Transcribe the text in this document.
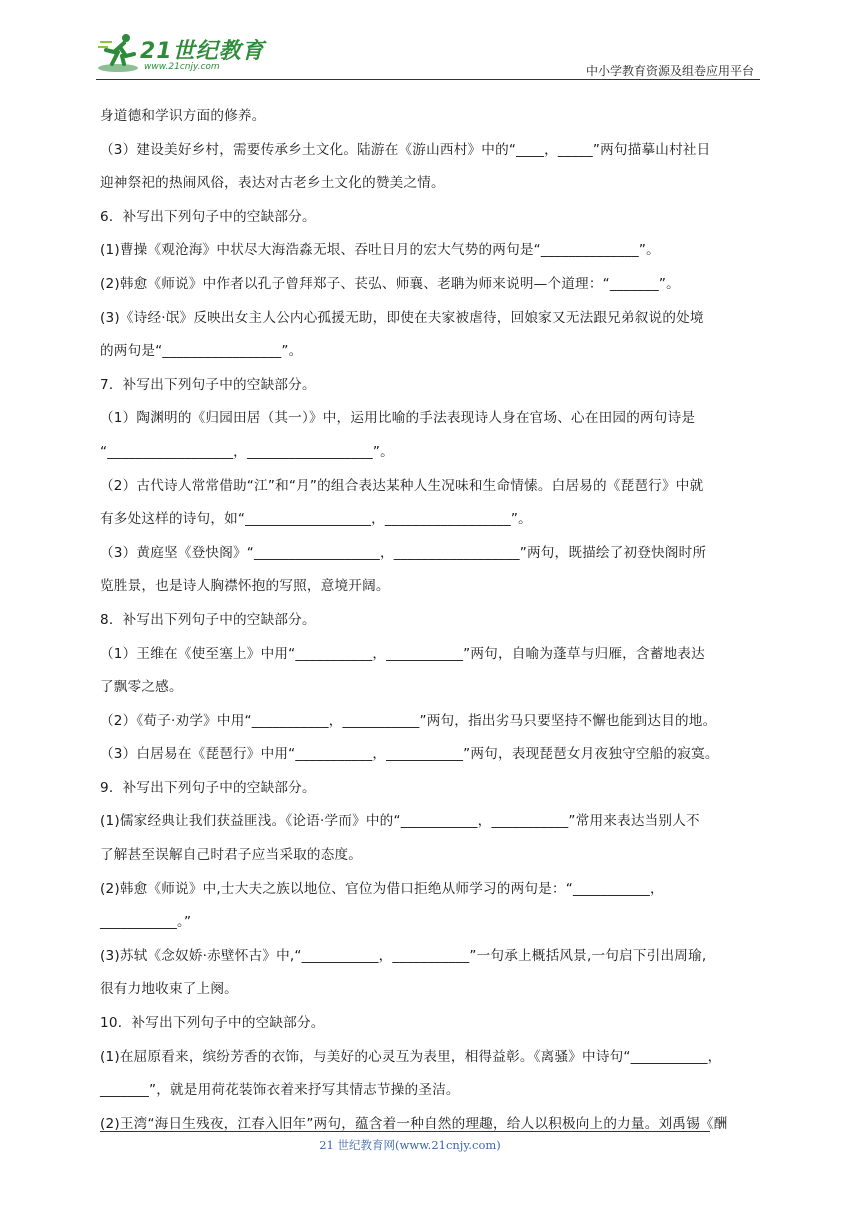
21世纪教育
www.21cnjy.com	中小学教育资源及组卷应用平台
身道德和学识方面的修养。
（3）建设美好乡村，需要传承乡土文化。陆游在《游山西村》中的“____，_____”两句描摹山村社日
迎神祭祀的热闹风俗，表达对古老乡土文化的赞美之情。
6．补写出下列句子中的空缺部分。
(1)曹操《观沧海》中状尽大海浩淼无垠、吞吐日月的宏大气势的两句是“______________”。
(2)韩愈《师说》中作者以孔子曾拜郑子、苌弘、师襄、老聃为师来说明—个道理：“_______”。
(3)《诗经·氓》反映出女主人公内心孤援无助，即使在夫家被虐待，回娘家又无法跟兄弟叙说的处境
的两句是“_________________”。
7．补写出下列句子中的空缺部分。
（1）陶渊明的《归园田居（其一）》中，运用比喻的手法表现诗人身在官场、心在田园的两句诗是
“__________________，__________________”。
（2）古代诗人常常借助“江”和“月”的组合表达某种人生况味和生命情愫。白居易的《琵琶行》中就
有多处这样的诗句，如“__________________，__________________”。
（3）黄庭坚《登快阁》“__________________，__________________”两句，既描绘了初登快阁时所
览胜景，也是诗人胸襟怀抱的写照，意境开阔。
8．补写出下列句子中的空缺部分。
（1）王维在《使至塞上》中用“___________，___________”两句，自喻为蓬草与归雁，含蓄地表达
了飘零之感。
（2）《荀子·劝学》中用“___________，___________”两句，指出劣马只要坚持不懈也能到达目的地。
（3）白居易在《琵琶行》中用“___________，___________”两句，表现琵琶女月夜独守空船的寂寞。
9．补写出下列句子中的空缺部分。
(1)儒家经典让我们获益匪浅。《论语·学而》中的“___________，___________”常用来表达当别人不
了解甚至误解自己时君子应当采取的态度。
(2)韩愈《师说》中,士大夫之族以地位、官位为借口拒绝从师学习的两句是：“___________，
___________。”
(3)苏轼《念奴娇·赤壁怀古》中,“___________，___________”一句承上概括风景,一句启下引出周瑜,
很有力地收束了上阕。
10．补写出下列句子中的空缺部分。
(1)在屈原看来，缤纷芳香的衣饰，与美好的心灵互为表里，相得益彰。《离骚》中诗句“___________，
_______”，就是用荷花装饰衣着来抒写其情志节操的圣洁。
(2)王湾“海日生残夜，江春入旧年”两句，蕴含着一种自然的理趣，给人以积极向上的力量。刘禹锡《酬
21 世纪教育网(www.21cnjy.com)
